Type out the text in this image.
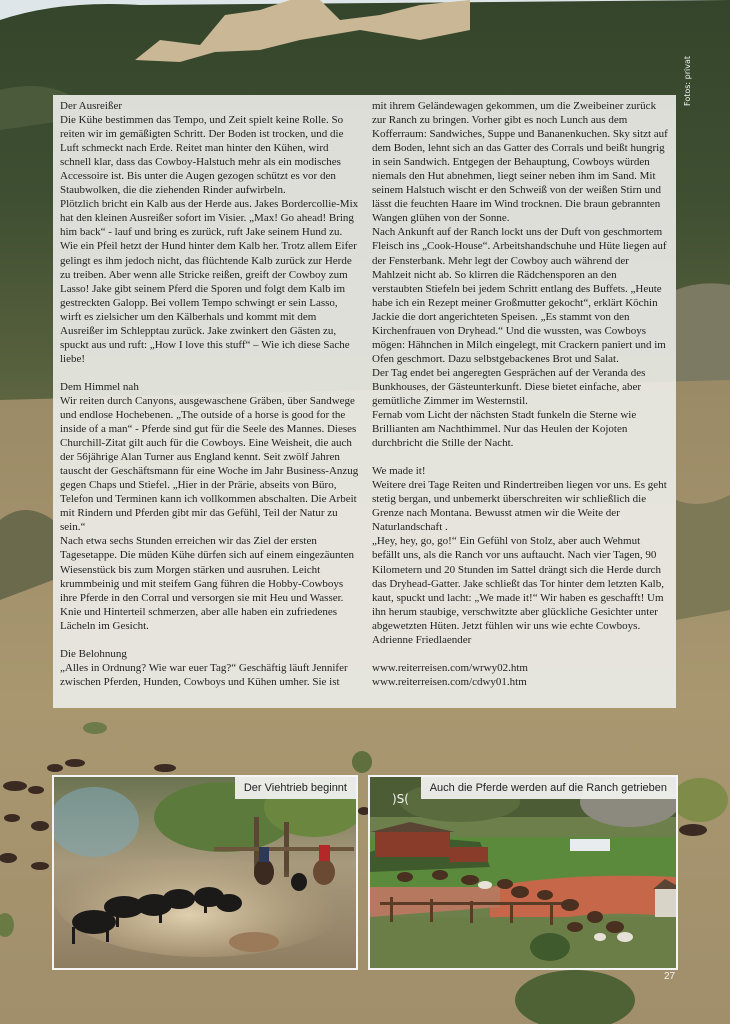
Fotos: privat

Der Ausreißer

Die Kühe bestimmen das Tempo, und Zeit spielt keine Rolle. So reiten wir im gemäßigten Schritt. Der Boden ist trocken, und die Luft schmeckt nach Erde. Reitet man hinter den Kühen, wird schnell klar, dass das Cowboy-Halstuch mehr als ein modisches Accessoire ist. Bis unter die Augen gezogen schützt es vor den Staubwolken, die die ziehenden Rinder aufwirbeln.

Plötzlich bricht ein Kalb aus der Herde aus. Jakes Bordercollie-Mix hat den kleinen Ausreißer sofort im Visier. „Max! Go ahead! Bring him back“ - lauf und bring es zurück, ruft Jake seinem Hund zu. Wie ein Pfeil hetzt der Hund hinter dem Kalb her. Trotz allem Eifer gelingt es ihm jedoch nicht, das flüchtende Kalb zurück zur Herde zu treiben. Aber wenn alle Stricke reißen, greift der Cowboy zum Lasso! Jake gibt seinem Pferd die Sporen und folgt dem Kalb im gestreckten Galopp. Bei vollem Tempo schwingt er sein Lasso, wirft es zielsicher um den Kälberhals und kommt mit dem Ausreißer im Schlepptau zurück. Jake zwinkert den Gästen zu, spuckt aus und ruft: „How I love this stuff“ – Wie ich diese Sache liebe!

Dem Himmel nah

Wir reiten durch Canyons, ausgewaschene Gräben, über Sandwege und endlose Hochebenen. „The outside of a horse is good for the inside of a man“ - Pferde sind gut für die Seele des Mannes. Dieses Churchill-Zitat gilt auch für die Cowboys. Eine Weisheit, die auch der 56jährige Alan Turner aus England kennt. Seit zwölf Jahren tauscht der Geschäftsmann für eine Woche im Jahr Business-Anzug gegen Chaps und Stiefel. „Hier in der Prärie, abseits von Büro, Telefon und Terminen kann ich vollkommen abschalten. Die Arbeit mit Rindern und Pferden gibt mir das Gefühl, Teil der Natur zu sein.“

Nach etwa sechs Stunden erreichen wir das Ziel der ersten Tagesetappe. Die müden Kühe dürfen sich auf einem eingezäunten Wiesenstück bis zum Morgen stärken und ausruhen. Leicht krummbeinig und mit steifem Gang führen die Hobby-Cowboys ihre Pferde in den Corral und versorgen sie mit Heu und Wasser. Knie und Hinterteil schmerzen, aber alle haben ein zufriedenes Lächeln im Gesicht.

Die Belohnung

„Alles in Ordnung? Wie war euer Tag?“ Geschäftig läuft Jennifer zwischen Pferden, Hunden, Cowboys und Kühen umher. Sie ist

mit ihrem Geländewagen gekommen, um die Zweibeiner zurück zur Ranch zu bringen. Vorher gibt es noch Lunch aus dem Kofferraum: Sandwiches, Suppe und Bananenkuchen. Sky sitzt auf dem Boden, lehnt sich an das Gatter des Corrals und beißt hungrig in sein Sandwich. Entgegen der Behauptung, Cowboys würden niemals den Hut abnehmen, liegt seiner neben ihm im Sand. Mit seinem Halstuch wischt er den Schweiß von der weißen Stirn und lässt die feuchten Haare im Wind trocknen. Die braun gebrannten Wangen glühen von der Sonne.

Nach Ankunft auf der Ranch lockt uns der Duft von geschmortem Fleisch ins „Cook-House“. Arbeitshandschuhe und Hüte liegen auf der Fensterbank. Mehr legt der Cowboy auch während der Mahlzeit nicht ab. So klirren die Rädchensporen an den verstaubten Stiefeln bei jedem Schritt entlang des Buffets. „Heute habe ich ein Rezept meiner Großmutter gekocht“, erklärt Köchin Jackie die dort angerichteten Speisen. „Es stammt von den Kirchenfrauen von Dryhead.“ Und die wussten, was Cowboys mögen: Hähnchen in Milch eingelegt, mit Crackern paniert und im Ofen geschmort. Dazu selbstgebackenes Brot und Salat.

Der Tag endet bei angeregten Gesprächen auf der Veranda des Bunkhouses, der Gästeunterkunft. Diese bietet einfache, aber gemütliche Zimmer im Westernstil.

Fernab vom Licht der nächsten Stadt funkeln die Sterne wie Brillianten am Nachthimmel. Nur das Heulen der Kojoten durchbricht die Stille der Nacht.

We made it!

Weitere drei Tage Reiten und Rindertreiben liegen vor uns. Es geht stetig bergan, und unbemerkt überschreiten wir schließlich die Grenze nach Montana. Bewusst atmen wir die Weite der Naturlandschaft .

„Hey, hey, go, go!“ Ein Gefühl von Stolz, aber auch Wehmut befällt uns, als die Ranch vor uns auftaucht. Nach vier Tagen, 90 Kilometern und 20 Stunden im Sattel drängt sich die Herde durch das Dryhead-Gatter. Jake schließt das Tor hinter dem letzten Kalb, kaut, spuckt und lacht: „We made it!“ Wir haben es geschafft! Um ihn herum staubige, verschwitzte aber glückliche Gesichter unter abgewetzten Hüten. Jetzt fühlen wir uns wie echte Cowboys.

Adrienne Friedlaender

www.reiterreisen.com/wrwy02.htm

www.reiterreisen.com/cdwy01.htm

Der Viehtrieb beginnt
)S(
Auch die Pferde werden auf die Ranch getrieben
27
